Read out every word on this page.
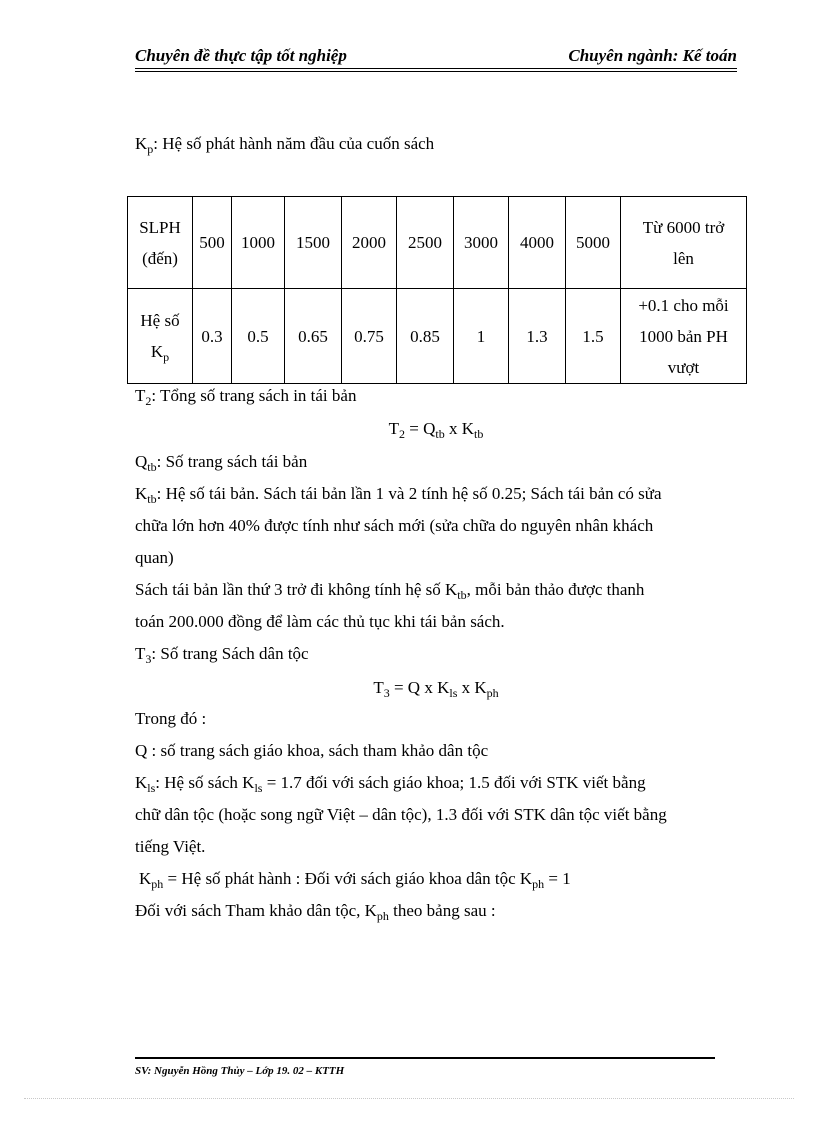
Chuyên đề thực tập tốt nghiệp	Chuyên ngành: Kế toán
$K_p$: Hệ số phát hành năm đầu của cuốn sách
SLPH
(đến)	500	1000	1500	2000	2500	3000	4000	5000	Từ 6000 trở
lên
Hệ số
$K_p$	0.3	0.5	0.65	0.75	0.85	1	1.3	1.5	+0.1 cho mỗi
1000 bản PH
vượt
$T_2$: Tổng số trang sách in tái bản
$T_2 = Q_{tb}$ x $K_{tb}$
$Q_{tb}$: Số trang sách tái bản
$K_{tb}$: Hệ số tái bản. Sách tái bản lần 1 và 2 tính hệ số 0.25; Sách tái bản có sửa
chữa lớn hơn 40% được tính như sách mới (sửa chữa do nguyên nhân khách
quan)
Sách tái bản lần thứ 3 trở đi không tính hệ số $K_{tb}$, mỗi bản thảo được thanh
toán 200.000 đồng để làm các thủ tục khi tái bản sách.
$T_3$: Số trang Sách dân tộc
$T_3 = Q$ x $K_{ls}$ x $K_{ph}$
Trong đó :
Q : số trang sách giáo khoa, sách tham khảo dân tộc
$K_{ls}$: Hệ số sách $K_{ls} = 1.7$ đối với sách giáo khoa; 1.5 đối với STK viết bằng
chữ dân tộc (hoặc song ngữ Việt – dân tộc), 1.3 đối với STK dân tộc viết bằng
tiếng Việt.
$K_{ph}$ = Hệ số phát hành : Đối với sách giáo khoa dân tộc $K_{ph} = 1$
Đối với sách Tham khảo dân tộc, $K_{ph}$ theo bảng sau :
SV: Nguyễn Hồng Thủy – Lớp 19. 02 – KTTH
